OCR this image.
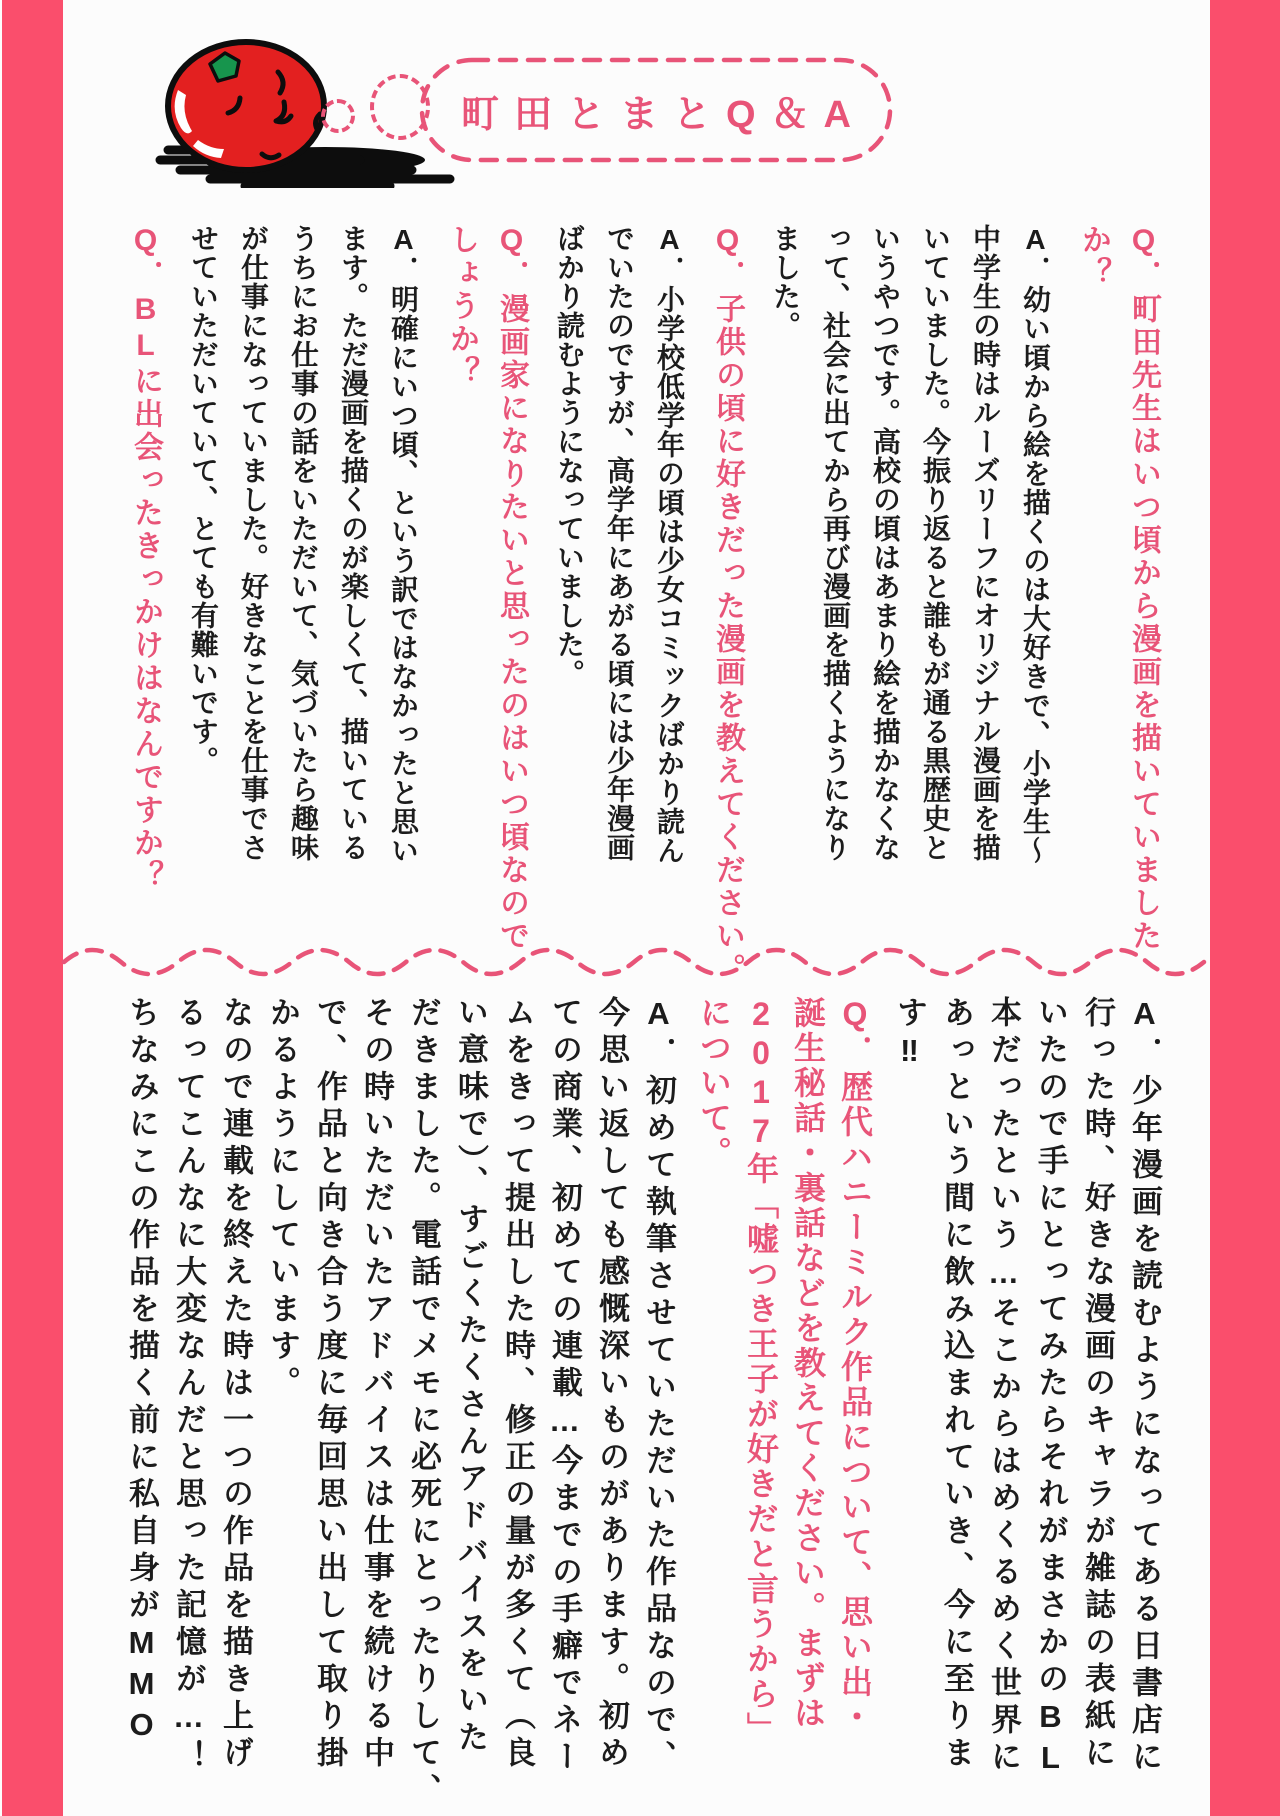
町田とまとQ＆A
Q．町田先生はいつ頃から漫画を描いていました
か？
A．幼い頃から絵を描くのは大好きで、小学生〜
中学生の時はルーズリーフにオリジナル漫画を描
いていました。今振り返ると誰もが通る黒歴史と
いうやつです。高校の頃はあまり絵を描かなくな
って、社会に出てから再び漫画を描くようになり
ました。
Q．子供の頃に好きだった漫画を教えてください。
A．小学校低学年の頃は少女コミックばかり読ん
でいたのですが、高学年にあがる頃には少年漫画
ばかり読むようになっていました。
Q．漫画家になりたいと思ったのはいつ頃なので
しょうか？
A．明確にいつ頃、という訳ではなかったと思い
ます。ただ漫画を描くのが楽しくて、描いている
うちにお仕事の話をいただいて、気づいたら趣味
が仕事になっていました。好きなことを仕事でさ
せていただいていて、とても有難いです。
Q．BLに出会ったきっかけはなんですか？
A．少年漫画を読むようになってある日書店に
行った時、好きな漫画のキャラが雑誌の表紙に
いたので手にとってみたらそれがまさかのBL
本だったという…そこからはめくるめく世界に
あっという間に飲み込まれていき、今に至りま
す‼
Q．歴代ハニーミルク作品について、思い出・
誕生秘話・裏話などを教えてください。まずは
2017年「嘘つき王子が好きだと言うから」
について。
A．初めて執筆させていただいた作品なので、
今思い返しても感慨深いものがあります。初め
ての商業、初めての連載…今までの手癖でネー
ムをきって提出した時、修正の量が多くて（良
い意味で）、すごくたくさんアドバイスをいた
だきました。電話でメモに必死にとったりして、
その時いただいたアドバイスは仕事を続ける中
で、作品と向き合う度に毎回思い出して取り掛
かるようにしています。
なので連載を終えた時は一つの作品を描き上げ
るってこんなに大変なんだと思った記憶が…！
ちなみにこの作品を描く前に私自身がMMO
